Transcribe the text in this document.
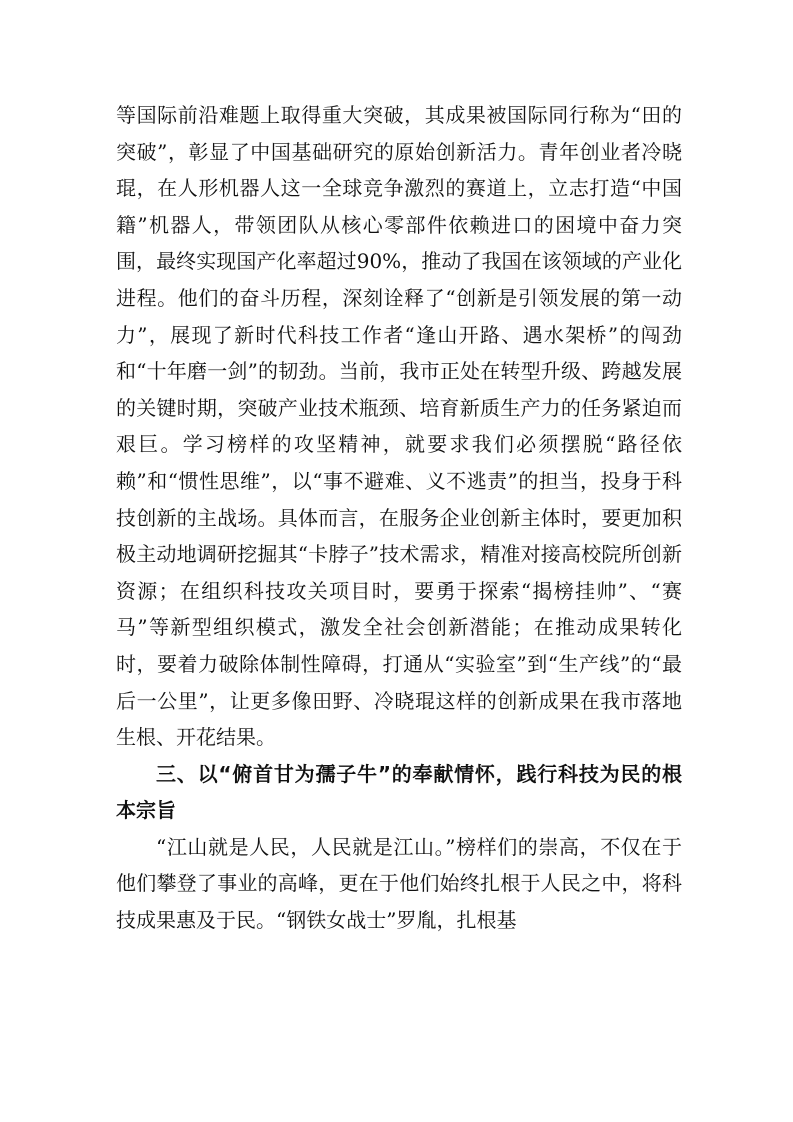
等国际前沿难题上取得重大突破，其成果被国际同行称为“田的突破”，彰显了中国基础研究的原始创新活力。青年创业者冷晓琨，在人形机器人这一全球竞争激烈的赛道上，立志打造“中国籍”机器人，带领团队从核心零部件依赖进口的困境中奋力突围，最终实现国产化率超过90%，推动了我国在该领域的产业化进程。他们的奋斗历程，深刻诠释了“创新是引领发展的第一动力”，展现了新时代科技工作者“逢山开路、遇水架桥”的闯劲和“十年磨一剑”的韧劲。当前，我市正处在转型升级、跨越发展的关键时期，突破产业技术瓶颈、培育新质生产力的任务紧迫而艰巨。学习榜样的攻坚精神，就要求我们必须摆脱“路径依赖”和“惯性思维”，以“事不避难、义不逃责”的担当，投身于科技创新的主战场。具体而言，在服务企业创新主体时，要更加积极主动地调研挖掘其“卡脖子”技术需求，精准对接高校院所创新资源；在组织科技攻关项目时，要勇于探索“揭榜挂帅”、“赛马”等新型组织模式，激发全社会创新潜能；在推动成果转化时，要着力破除体制性障碍，打通从“实验室”到“生产线”的“最后一公里”，让更多像田野、冷晓琨这样的创新成果在我市落地生根、开花结果。

三、以“俯首甘为孺子牛”的奉献情怀，践行科技为民的根本宗旨

“江山就是人民，人民就是江山。”榜样们的崇高，不仅在于他们攀登了事业的高峰，更在于他们始终扎根于人民之中，将科技成果惠及于民。“钢铁女战士”罗胤，扎根基
